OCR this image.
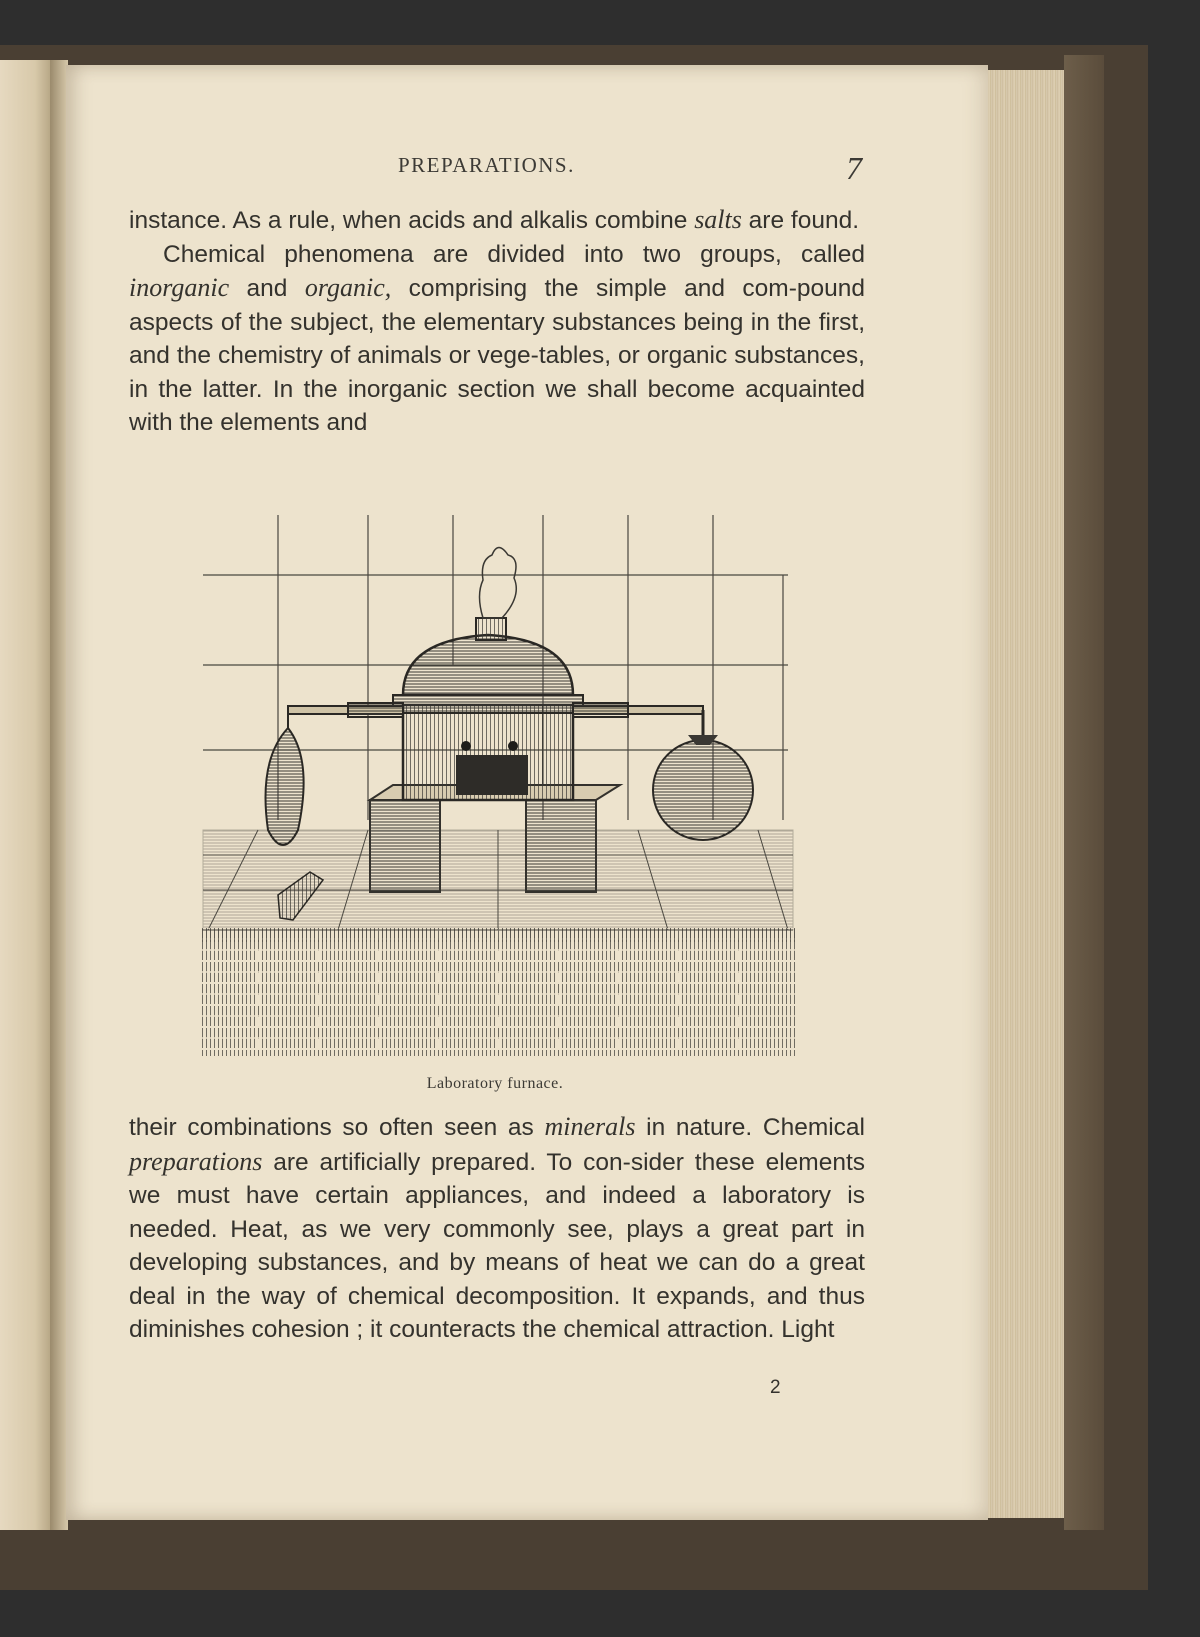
PREPARATIONS.	7

instance. As a rule, when acids and alkalis combine salts are found.

Chemical phenomena are divided into two groups, called inorganic and organic, comprising the simple and com-pound aspects of the subject, the elementary substances being in the first, and the chemistry of animals or vege-tables, or organic substances, in the latter. In the inorganic section we shall become acquainted with the elements and

Laboratory furnace.

their combinations so often seen as minerals in nature. Chemical preparations are artificially prepared. To con-sider these elements we must have certain appliances, and indeed a laboratory is needed. Heat, as we very commonly see, plays a great part in developing substances, and by means of heat we can do a great deal in the way of chemical decomposition. It expands, and thus diminishes cohesion ; it counteracts the chemical attraction. Light

2
